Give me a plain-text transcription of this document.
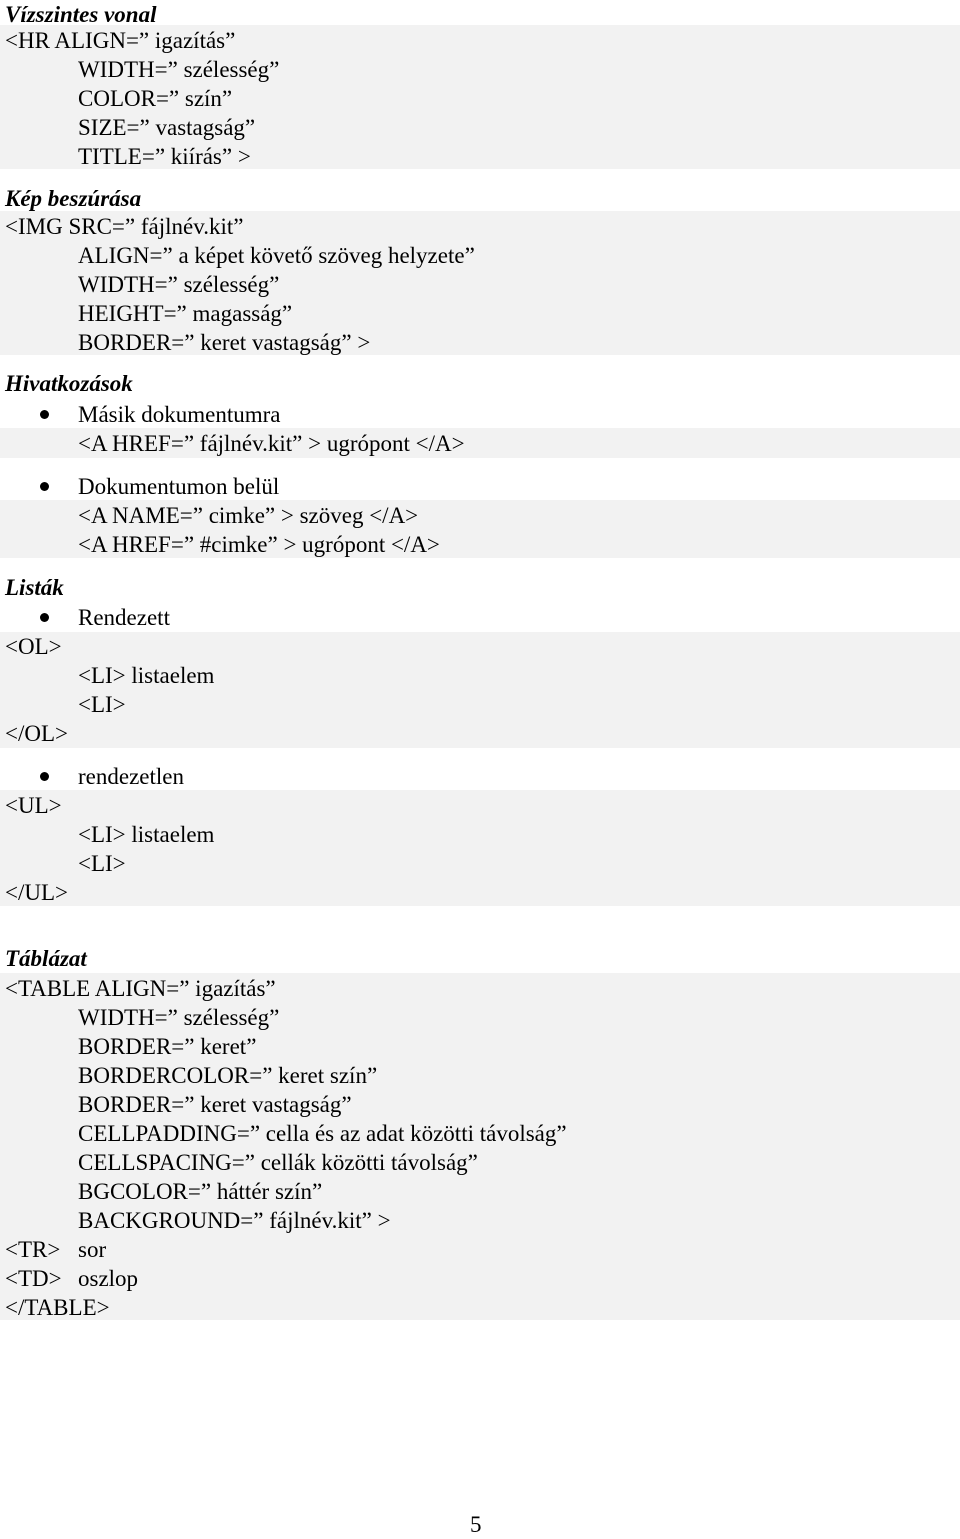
Vízszintes vonal
<HR ALIGN=” igazítás”
WIDTH=” szélesség”
COLOR=” szín”
SIZE=” vastagság”
TITLE=” kiírás” >
Kép beszúrása
<IMG SRC=” fájlnév.kit”
ALIGN=” a képet követő szöveg helyzete”
WIDTH=” szélesség”
HEIGHT=” magasság”
BORDER=” keret vastagság” >
Hivatkozások
Másik dokumentumra
<A HREF=” fájlnév.kit” > ugrópont </A>
Dokumentumon belül
<A NAME=” cimke” > szöveg </A>
<A HREF=” #cimke” > ugrópont </A>
Listák
Rendezett
<OL>
<LI> listaelem
<LI>
</OL>
rendezetlen
<UL>
<LI> listaelem
<LI>
</UL>
Táblázat
<TABLE ALIGN=” igazítás”
WIDTH=” szélesség”
BORDER=” keret”
BORDERCOLOR=” keret szín”
BORDER=” keret vastagság”
CELLPADDING=” cella és az adat közötti távolság”
CELLSPACING=” cellák közötti távolság”
BGCOLOR=” háttér szín”
BACKGROUND=” fájlnév.kit” >
<TR> sor
<TD> oszlop
</TABLE>
5
